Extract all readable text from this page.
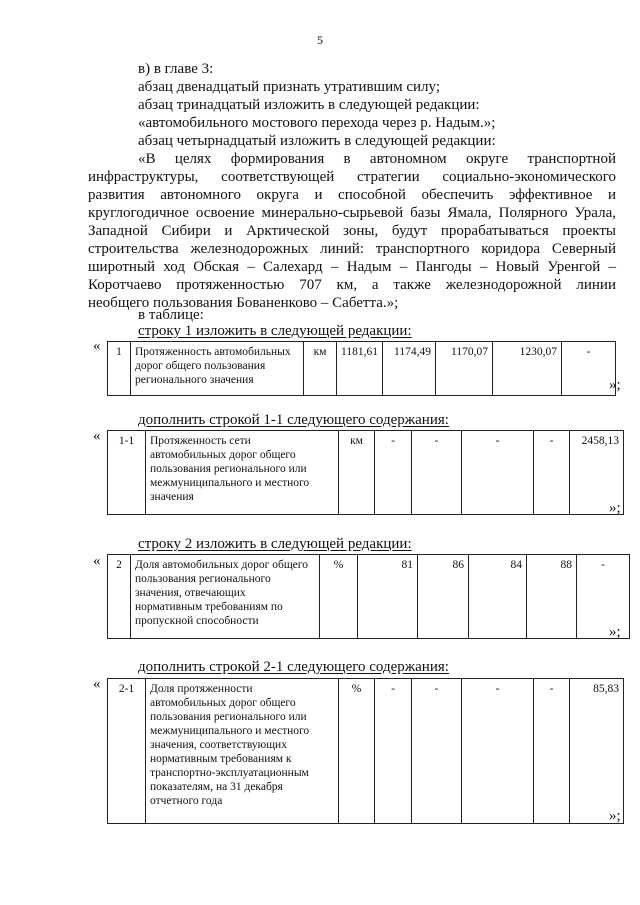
5
в) в главе 3:
абзац двенадцатый признать утратившим силу;
абзац тринадцатый изложить в следующей редакции:
«автомобильного мостового перехода через р. Надым.»;
абзац четырнадцатый изложить в следующей редакции:
«В целях формирования в автономном округе транспортной
инфраструктуры, соответствующей стратегии социально-экономического
развития автономного округа и способной обеспечить эффективное и
круглогодичное освоение минерально-сырьевой базы Ямала, Полярного Урала,
Западной Сибири и Арктической зоны, будут прорабатываться проекты
строительства железнодорожных линий: транспортного коридора Северный
широтный ход Обская – Салехард – Надым – Пангоды – Новый Уренгой –
Коротчаево протяженностью 707 км, а также железнодорожной линии
необщего пользования Бованенково – Сабетта.»;
в таблице:
строку 1 изложить в следующей редакции:
« 1	Протяженность автомобильных
дорог общего пользования
регионального значения
	км	1181,61	1174,49	1170,07	1230,07	-
»;
дополнить строкой 1-1 следующего содержания:
« 1-1	Протяженность сети
автомобильных дорог общего
пользования регионального или
межмуниципального и местного
значения
	км	-	-	-	-	2458,13
»;
строку 2 изложить в следующей редакции:
« 2	Доля автомобильных дорог общего
пользования регионального
значения, отвечающих
нормативным требованиям по
пропускной способности
	%	81	86	84	88	-
»;
дополнить строкой 2-1 следующего содержания:
« 2-1	Доля протяженности
автомобильных дорог общего
пользования регионального или
межмуниципального и местного
значения, соответствующих
нормативным требованиям к
транспортно-эксплуатационным
показателям, на 31 декабря
отчетного года
	%	-	-	-	-	85,83
»;
